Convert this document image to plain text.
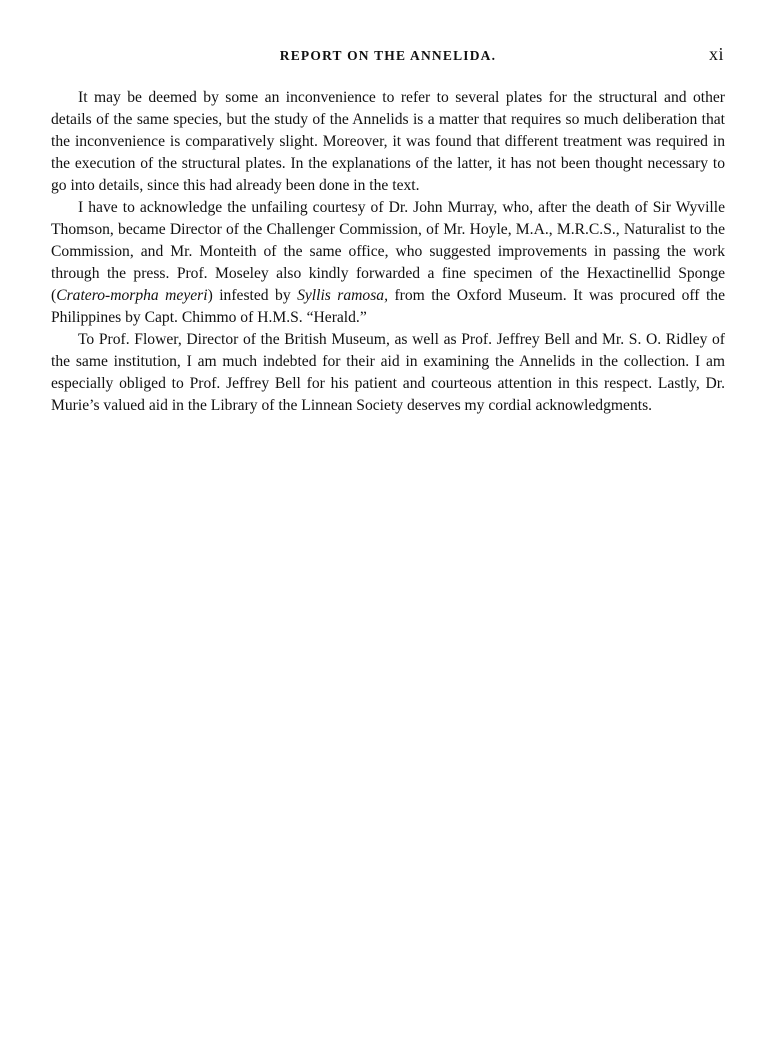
REPORT ON THE ANNELIDA.	xi

It may be deemed by some an inconvenience to refer to several plates for the structural and other details of the same species, but the study of the Annelids is a matter that requires so much deliberation that the inconvenience is comparatively slight. Moreover, it was found that different treatment was required in the execution of the structural plates. In the explanations of the latter, it has not been thought necessary to go into details, since this had already been done in the text.

I have to acknowledge the unfailing courtesy of Dr. John Murray, who, after the death of Sir Wyville Thomson, became Director of the Challenger Commission, of Mr. Hoyle, M.A., M.R.C.S., Naturalist to the Commission, and Mr. Monteith of the same office, who suggested improvements in passing the work through the press. Prof. Moseley also kindly forwarded a fine specimen of the Hexactinellid Sponge (Cratero-morpha meyeri) infested by Syllis ramosa, from the Oxford Museum. It was procured off the Philippines by Capt. Chimmo of H.M.S. “Herald.”

To Prof. Flower, Director of the British Museum, as well as Prof. Jeffrey Bell and Mr. S. O. Ridley of the same institution, I am much indebted for their aid in examining the Annelids in the collection. I am especially obliged to Prof. Jeffrey Bell for his patient and courteous attention in this respect. Lastly, Dr. Murie’s valued aid in the Library of the Linnean Society deserves my cordial acknowledgments.
